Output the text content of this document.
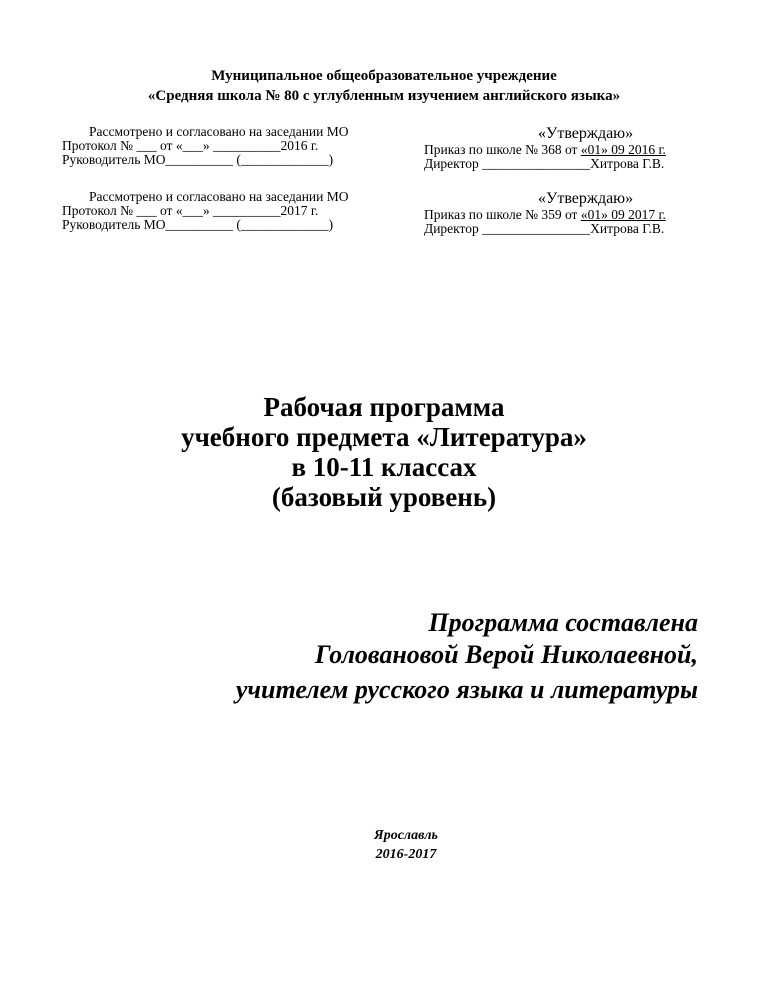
Муниципальное общеобразовательное учреждение
«Средняя школа № 80 с углубленным изучением английского языка»
Рассмотрено и согласовано на заседании МО
Протокол № ___ от «___» __________2016 г.
Руководитель МО__________ (_____________)
«Утверждаю»
Приказ по школе № 368 от «01» 09 2016 г.
Директор ________________Хитрова Г.В.
Рассмотрено и согласовано на заседании МО
Протокол № ___ от «___» __________2017 г.
Руководитель МО__________ (_____________)
«Утверждаю»
Приказ по школе № 359 от «01» 09 2017 г.
Директор ________________Хитрова Г.В.
Рабочая программа
учебного предмета «Литература»
в 10-11 классах
(базовый уровень)
Программа составлена
Головановой Верой Николаевной,
учителем русского языка и литературы
Ярославль
2016-2017
